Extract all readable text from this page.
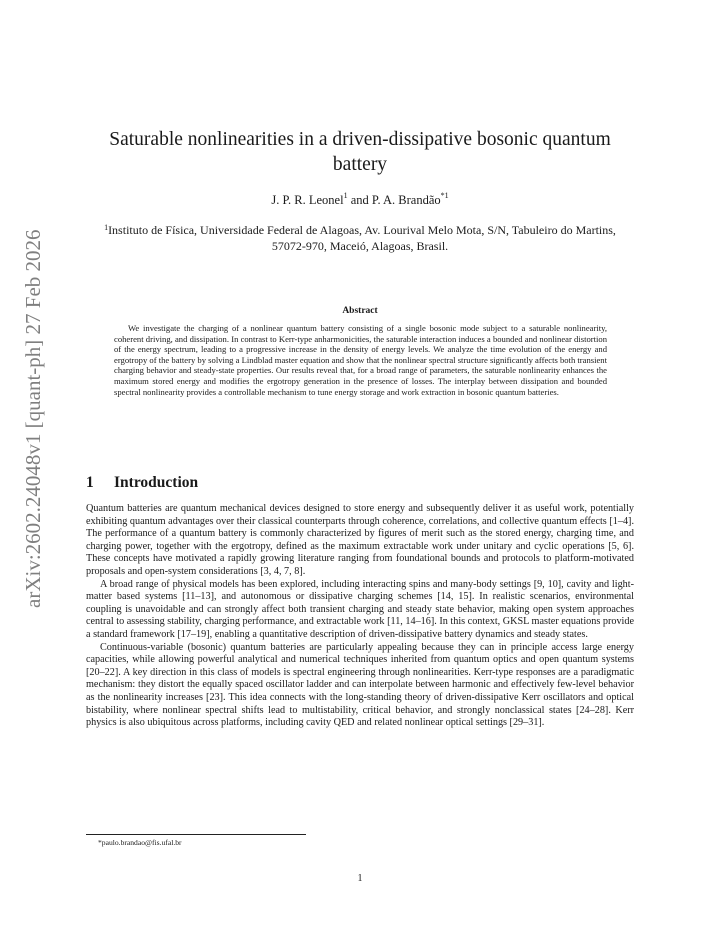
arXiv:2602.24048v1 [quant-ph] 27 Feb 2026
Saturable nonlinearities in a driven-dissipative bosonic quantum battery
J. P. R. Leonel$^1$ and P. A. Brandão$^{*1}$
$^1$Instituto de Física, Universidade Federal de Alagoas, Av. Lourival Melo Mota, S/N, Tabuleiro do Martins, 57072-970, Maceió, Alagoas, Brasil.
Abstract
We investigate the charging of a nonlinear quantum battery consisting of a single bosonic mode subject to a saturable nonlinearity, coherent driving, and dissipation. In contrast to Kerr-type anharmonicities, the saturable interaction induces a bounded and nonlinear distortion of the energy spectrum, leading to a progressive increase in the density of energy levels. We analyze the time evolution of the energy and ergotropy of the battery by solving a Lindblad master equation and show that the nonlinear spectral structure significantly affects both transient charging behavior and steady-state properties. Our results reveal that, for a broad range of parameters, the saturable nonlinearity enhances the maximum stored energy and modifies the ergotropy generation in the presence of losses. The interplay between dissipation and bounded spectral nonlinearity provides a controllable mechanism to tune energy storage and work extraction in bosonic quantum batteries.
1 Introduction

Quantum batteries are quantum mechanical devices designed to store energy and subsequently deliver it as useful work, potentially exhibiting quantum advantages over their classical counterparts through coherence, correlations, and collective quantum effects [1–4]. The performance of a quantum battery is commonly characterized by figures of merit such as the stored energy, charging time, and charging power, together with the ergotropy, defined as the maximum extractable work under unitary and cyclic operations [5, 6]. These concepts have motivated a rapidly growing literature ranging from foundational bounds and protocols to platform-motivated proposals and open-system considerations [3, 4, 7, 8].

A broad range of physical models has been explored, including interacting spins and many-body settings [9, 10], cavity and light-matter based systems [11–13], and autonomous or dissipative charging schemes [14, 15]. In realistic scenarios, environmental coupling is unavoidable and can strongly affect both transient charging and steady state behavior, making open system approaches central to assessing stability, charging performance, and extractable work [11, 14–16]. In this context, GKSL master equations provide a standard framework [17–19], enabling a quantitative description of driven-dissipative battery dynamics and steady states.

Continuous-variable (bosonic) quantum batteries are particularly appealing because they can in principle access large energy capacities, while allowing powerful analytical and numerical techniques inherited from quantum optics and open quantum systems [20–22]. A key direction in this class of models is spectral engineering through nonlinearities. Kerr-type responses are a paradigmatic mechanism: they distort the equally spaced oscillator ladder and can interpolate between harmonic and effectively few-level behavior as the nonlinearity increases [23]. This idea connects with the long-standing theory of driven-dissipative Kerr oscillators and optical bistability, where nonlinear spectral shifts lead to multistability, critical behavior, and strongly nonclassical states [24–28]. Kerr physics is also ubiquitous across platforms, including cavity QED and related nonlinear optical settings [29–31].

*paulo.brandao@fis.ufal.br
1
